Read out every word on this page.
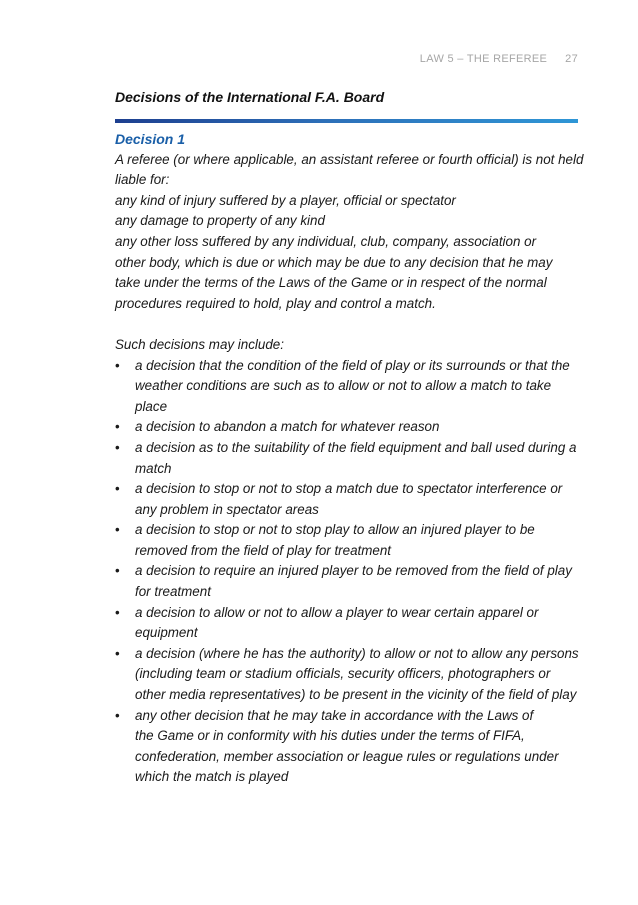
LAW 5 – THE REFEREE 27
Decisions of the International F.A. Board

Decision 1

A referee (or where applicable, an assistant referee or fourth official) is not held
liable for:
any kind of injury suffered by a player, official or spectator
any damage to property of any kind
any other loss suffered by any individual, club, company, association or
other body, which is due or which may be due to any decision that he may
take under the terms of the Laws of the Game or in respect of the normal
procedures required to hold, play and control a match.

Such decisions may include:

• a decision that the condition of the field of play or its surrounds or that the
weather conditions are such as to allow or not to allow a match to take
place
• a decision to abandon a match for whatever reason
• a decision as to the suitability of the field equipment and ball used during a
match
• a decision to stop or not to stop a match due to spectator interference or
any problem in spectator areas
• a decision to stop or not to stop play to allow an injured player to be
removed from the field of play for treatment
• a decision to require an injured player to be removed from the field of play
for treatment
• a decision to allow or not to allow a player to wear certain apparel or
equipment
• a decision (where he has the authority) to allow or not to allow any persons
(including team or stadium officials, security officers, photographers or
other media representatives) to be present in the vicinity of the field of play
• any other decision that he may take in accordance with the Laws of
the Game or in conformity with his duties under the terms of FIFA,
confederation, member association or league rules or regulations under
which the match is played
